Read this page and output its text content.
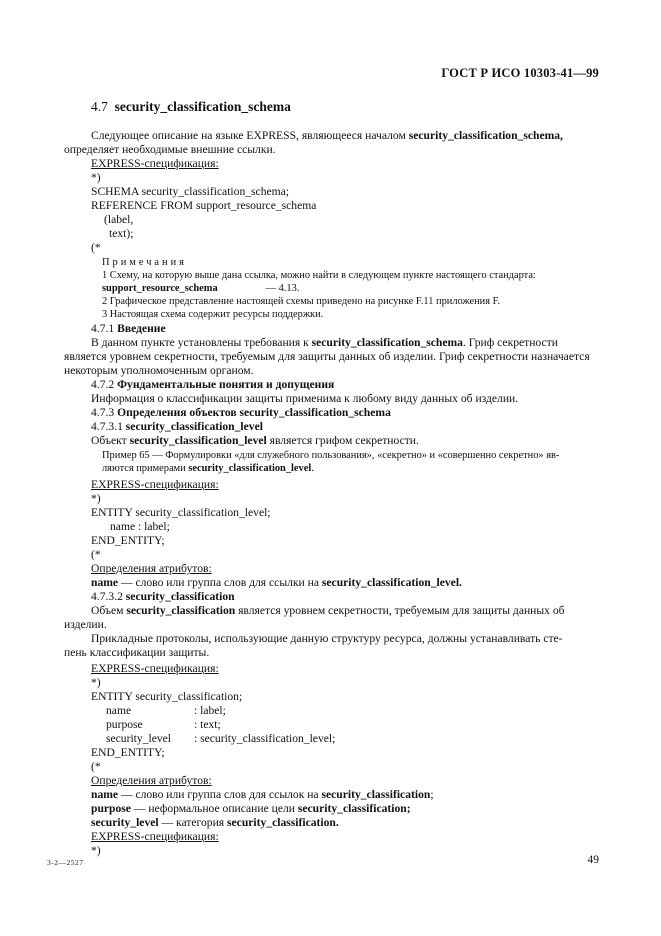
ГОСТ Р ИСО 10303-41—99
4.7 security_classification_schema
Следующее описание на языке EXPRESS, являющееся началом security_classification_schema,
определяет необходимые внешние ссылки.
EXPRESS-спецификация:
*)
SCHEMA security_classification_schema;
REFERENCE FROM support_resource_schema
(label,
text);
(*
Примечания
1 Схему, на которую выше дана ссылка, можно найти в следующем пункте настоящего стандарта:
support_resource_schema	— 4.13.
2 Графическое представление настоящей схемы приведено на рисунке F.11 приложения F.
3 Настоящая схема содержит ресурсы поддержки.
4.7.1 Введение
В данном пункте установлены требования к security_classification_schema. Гриф секретности
является уровнем секретности, требуемым для защиты данных об изделии. Гриф секретности назначается
некоторым уполномоченным органом.
4.7.2 Фундаментальные понятия и допущения
Информация о классификации защиты применима к любому виду данных об изделии.
4.7.3 Определения объектов security_classification_schema
4.7.3.1 security_classification_level
Объект security_classification_level является грифом секретности.
Пример 65 — Формулировки «для служебного пользования», «секретно» и «совершенно секретно» яв-
ляются примерами security_classification_level.
EXPRESS-спецификация:
*)
ENTITY security_classification_level;
name : label;
END_ENTITY;
(*
Определения атрибутов:
name — слово или группа слов для ссылки на security_classification_level.
4.7.3.2 security_classification
Объем security_classification является уровнем секретности, требуемым для защиты данных об
изделии.
Прикладные протоколы, использующие данную структуру ресурса, должны устанавливать сте-
пень классификации защиты.
EXPRESS-спецификация:
*)
ENTITY security_classification;
name	: label;
purpose	: text;
security_level : security_classification_level;
END_ENTITY;
(*
Определения атрибутов:
name — слово или группа слов для ссылок на security_classification;
purpose — неформальное описание цели security_classification;
security_level — категория security_classification.
EXPRESS-спецификация:
*)
3-2—2527	49
